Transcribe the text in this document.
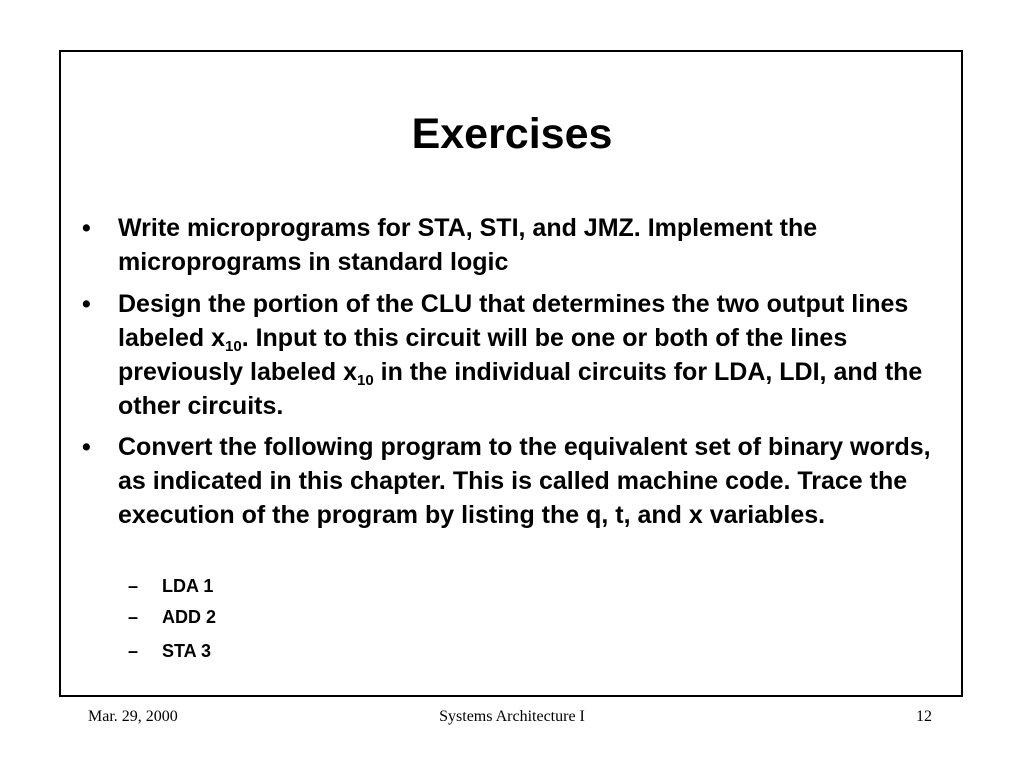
Exercises
•	Write microprograms for STA, STI, and JMZ. Implement the microprograms in standard logic
•	Design the portion of the CLU that determines the two output lines labeled $x_{10}$. Input to this circuit will be one or both of the lines previously labeled $x_{10}$ in the individual circuits for LDA, LDI, and the other circuits.
•	Convert the following program to the equivalent set of binary words, as indicated in this chapter. This is called machine code. Trace the execution of the program by listing the q, t, and x variables.
– LDA 1
– ADD 2
– STA 3
Systems Architecture I
Mar. 29, 2000	12
